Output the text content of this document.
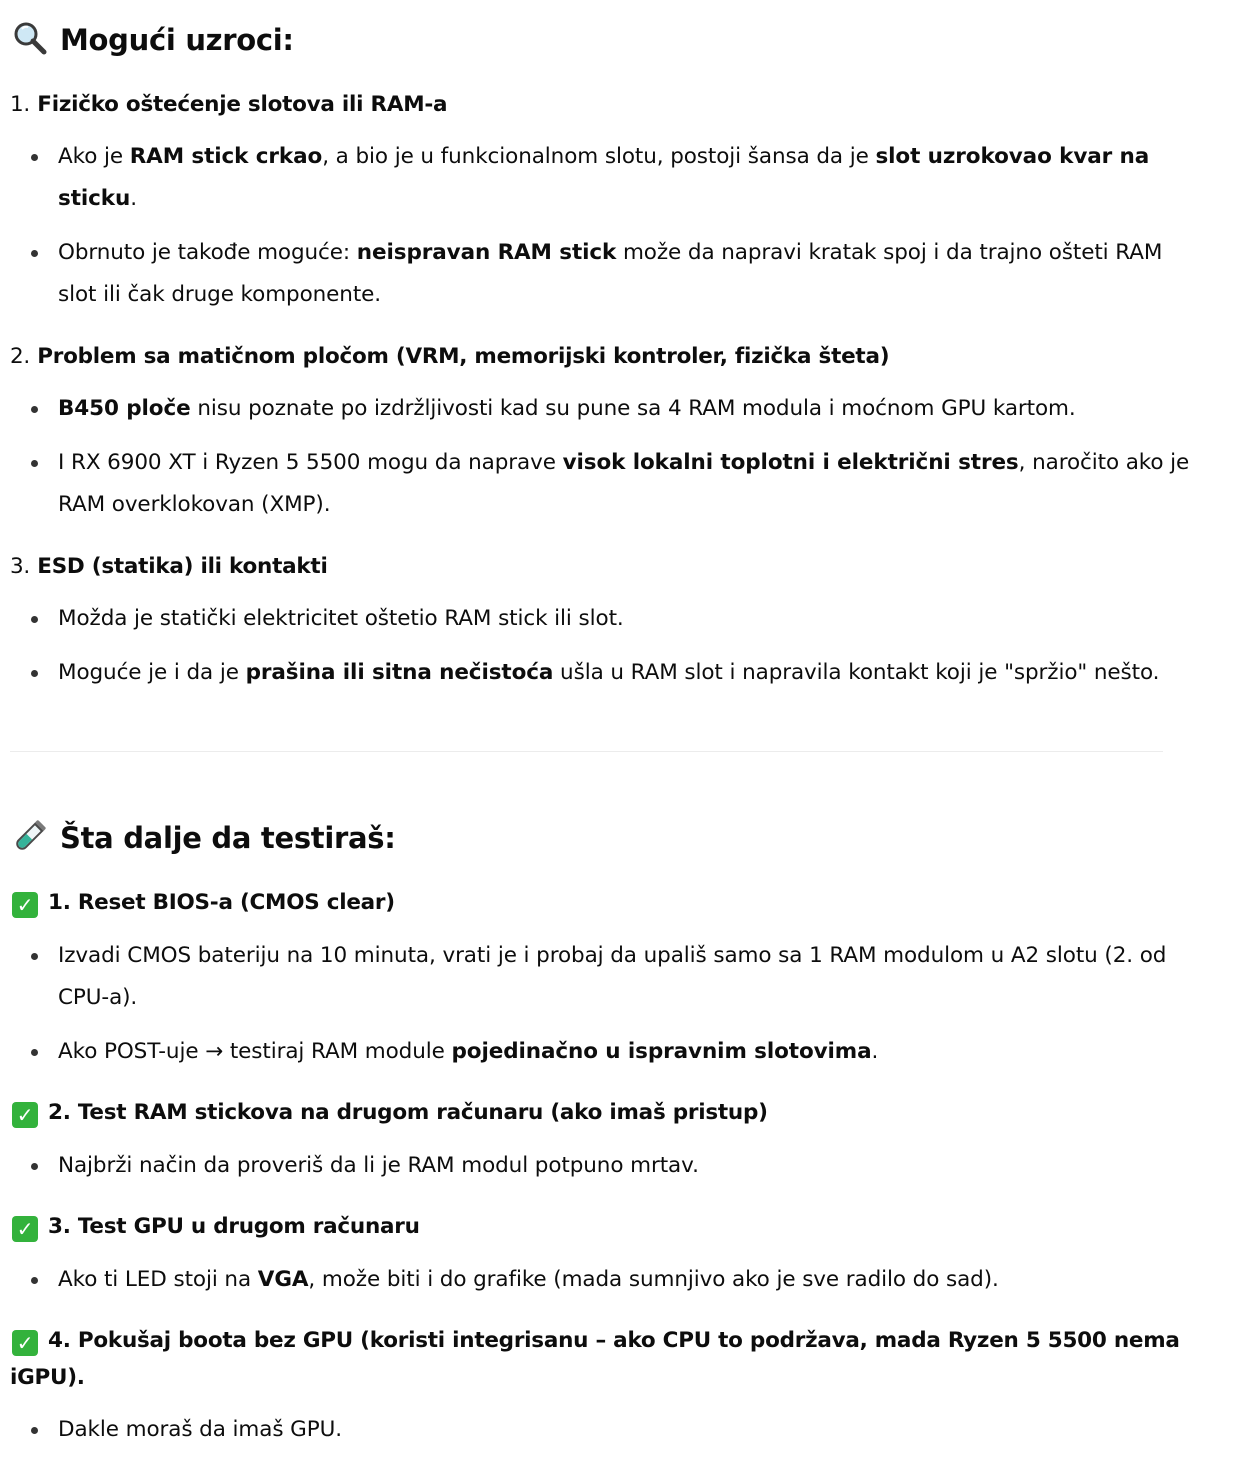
Mogući uzroci:
1. Fizičko oštećenje slotova ili RAM-a
Ako je RAM stick crkao, a bio je u funkcionalnom slotu, postoji šansa da je slot uzrokovao kvar na
sticku.
Obrnuto je takođe moguće: neispravan RAM stick može da napravi kratak spoj i da trajno ošteti RAM
slot ili čak druge komponente.
2. Problem sa matičnom pločom (VRM, memorijski kontroler, fizička šteta)
B450 ploče nisu poznate po izdržljivosti kad su pune sa 4 RAM modula i moćnom GPU kartom.
I RX 6900 XT i Ryzen 5 5500 mogu da naprave visok lokalni toplotni i električni stres, naročito ako je
RAM overklokovan (XMP).
3. ESD (statika) ili kontakti
Možda je statički elektricitet oštetio RAM stick ili slot.
Moguće je i da je prašina ili sitna nečistoća ušla u RAM slot i napravila kontakt koji je "spržio" nešto.
Šta dalje da testiraš:
✓ 1. Reset BIOS-a (CMOS clear)
Izvadi CMOS bateriju na 10 minuta, vrati je i probaj da upališ samo sa 1 RAM modulom u A2 slotu (2. od
CPU-a).
Ako POST-uje → testiraj RAM module pojedinačno u ispravnim slotovima.
✓ 2. Test RAM stickova na drugom računaru (ako imaš pristup)
Najbrži način da proveriš da li je RAM modul potpuno mrtav.
✓ 3. Test GPU u drugom računaru
Ako ti LED stoji na VGA, može biti i do grafike (mada sumnjivo ako je sve radilo do sad).
✓ 4. Pokušaj boota bez GPU (koristi integrisanu – ako CPU to podržava, mada Ryzen 5 5500 nema
iGPU).
Dakle moraš da imaš GPU.
